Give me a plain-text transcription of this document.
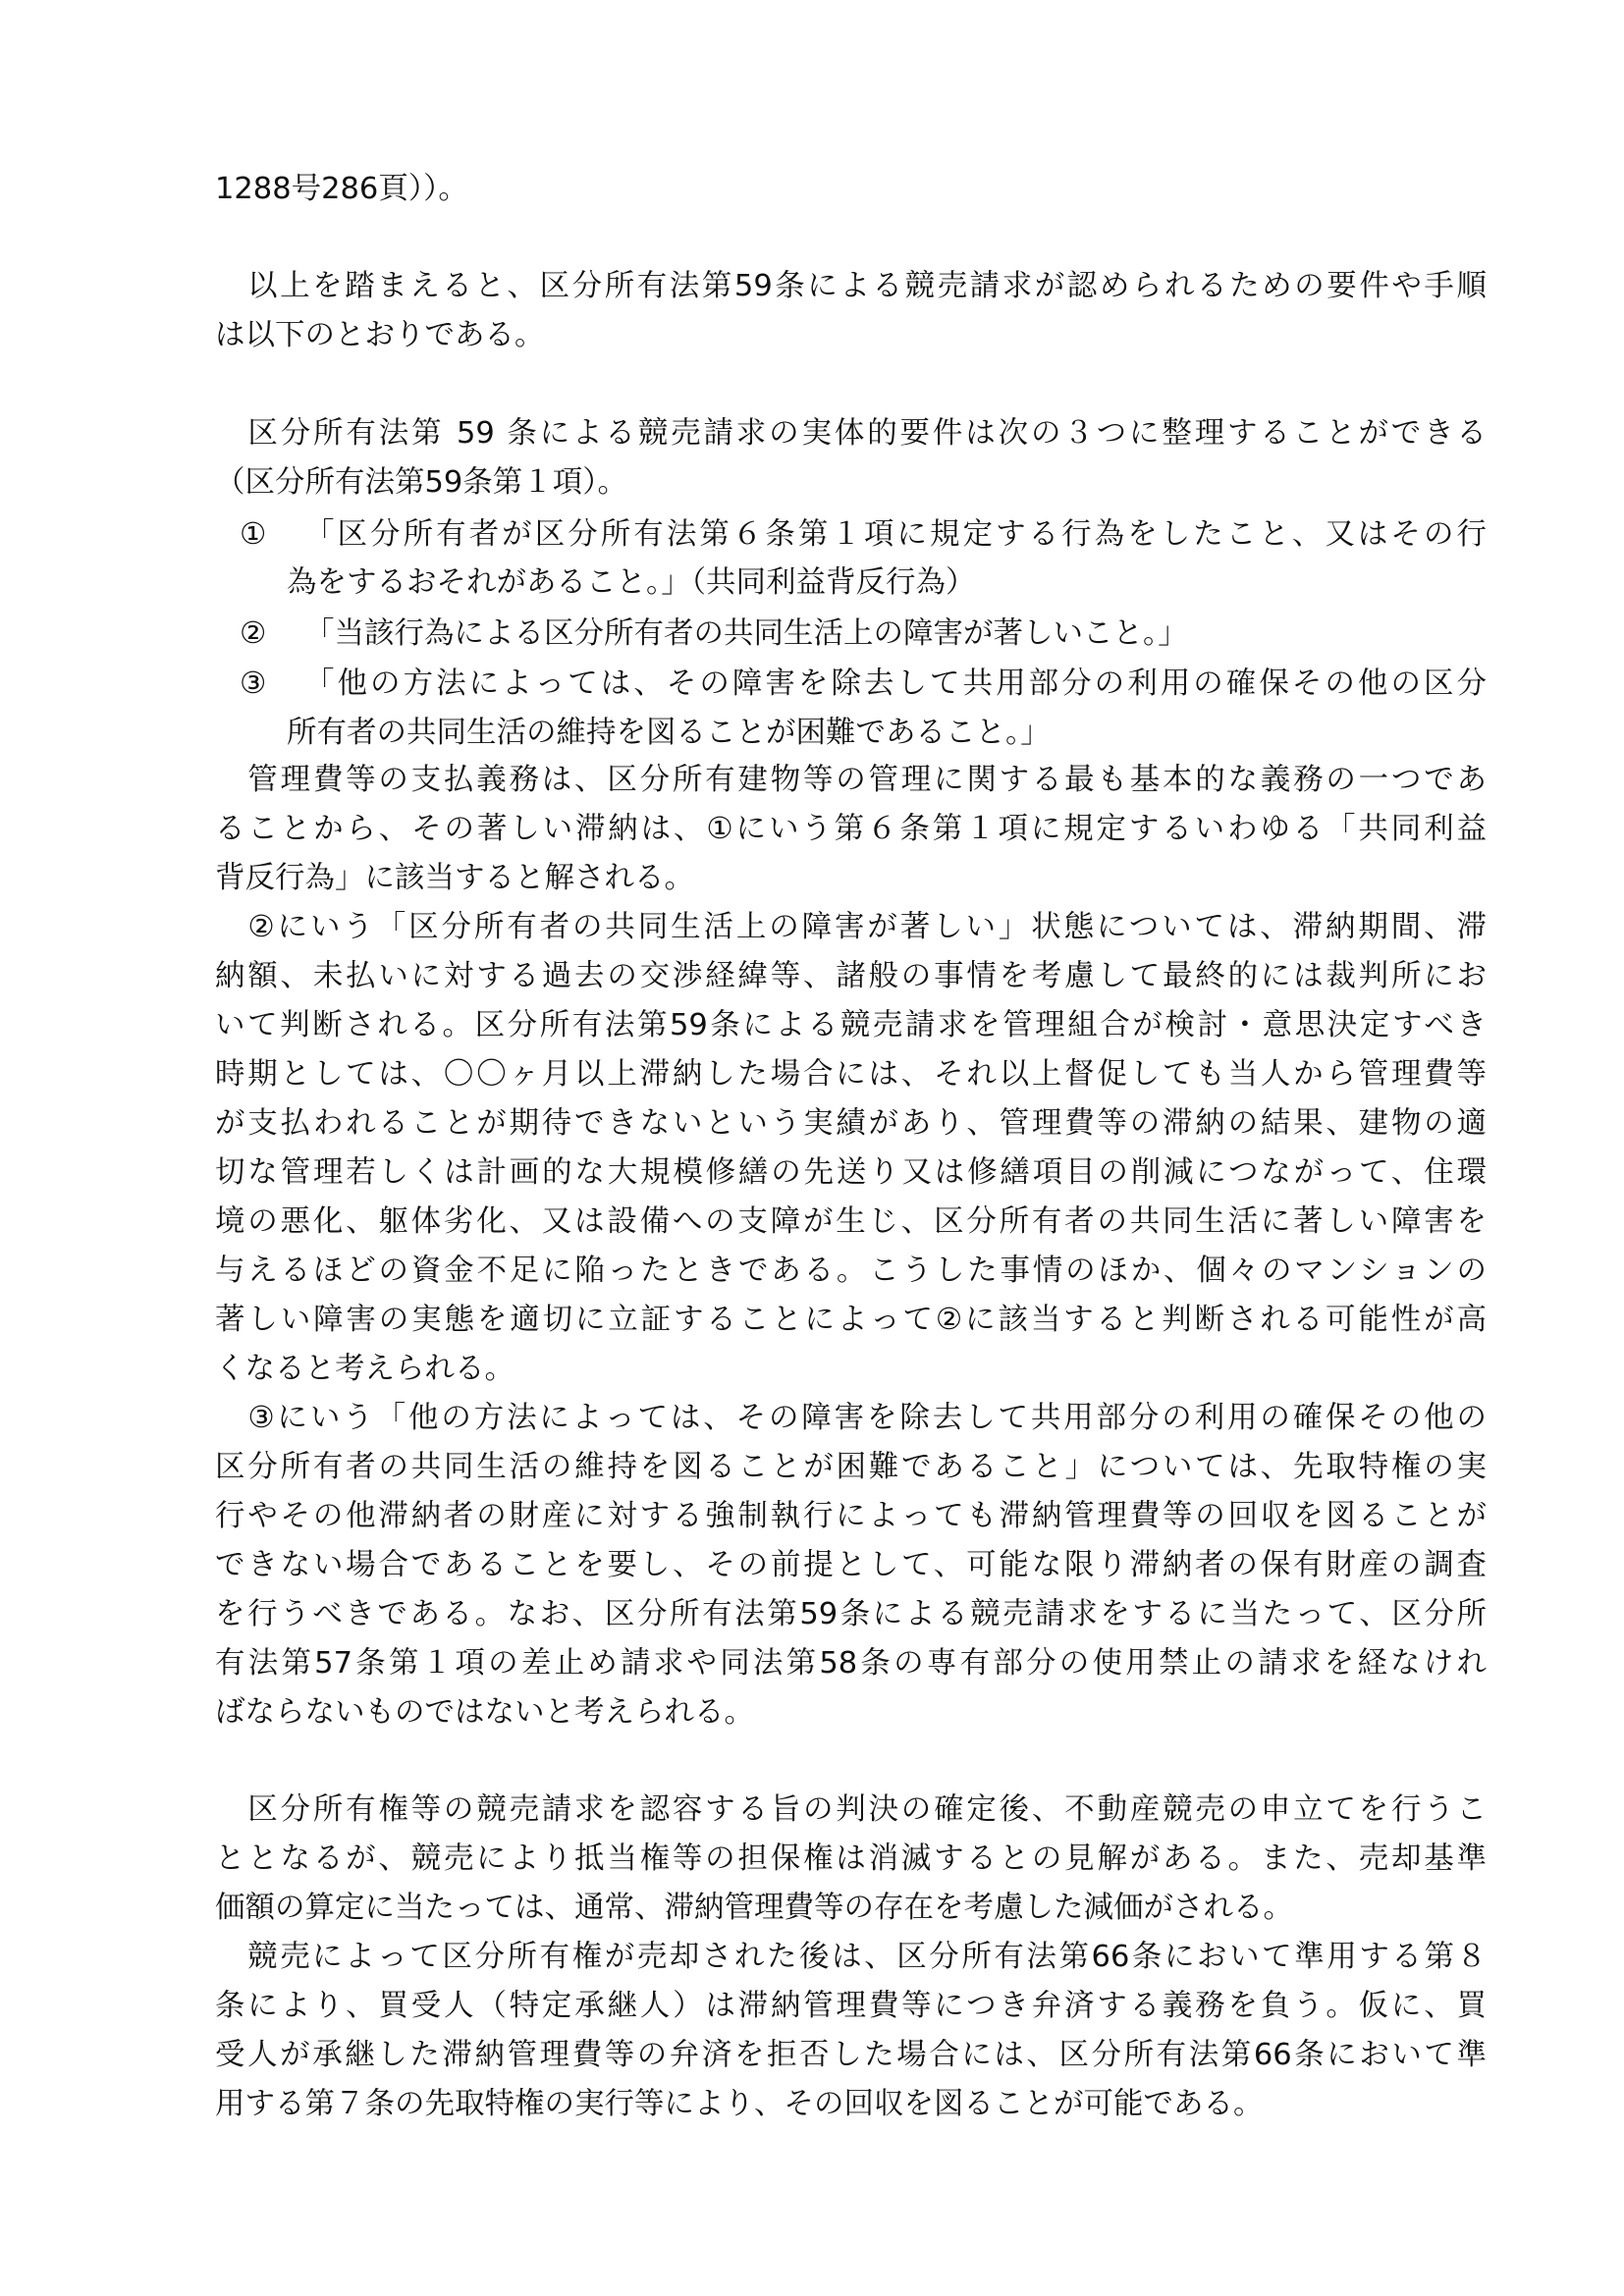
1288号286頁））。
　以上を踏まえると、区分所有法第59条による競売請求が認められるための要件や手順
は以下のとおりである。
　区分所有法第 59 条による競売請求の実体的要件は次の３つに整理することができる
（区分所有法第59条第１項）。
①	「区分所有者が区分所有法第６条第１項に規定する行為をしたこと、又はその行
為をするおそれがあること。」（共同利益背反行為）
②	「当該行為による区分所有者の共同生活上の障害が著しいこと。」
③	「他の方法によっては、その障害を除去して共用部分の利用の確保その他の区分
所有者の共同生活の維持を図ることが困難であること。」
　管理費等の支払義務は、区分所有建物等の管理に関する最も基本的な義務の一つであ
ることから、その著しい滞納は、①にいう第６条第１項に規定するいわゆる「共同利益
背反行為」に該当すると解される。
　②にいう「区分所有者の共同生活上の障害が著しい」状態については、滞納期間、滞
納額、未払いに対する過去の交渉経緯等、諸般の事情を考慮して最終的には裁判所にお
いて判断される。区分所有法第59条による競売請求を管理組合が検討・意思決定すべき
時期としては、〇〇ヶ月以上滞納した場合には、それ以上督促しても当人から管理費等
が支払われることが期待できないという実績があり、管理費等の滞納の結果、建物の適
切な管理若しくは計画的な大規模修繕の先送り又は修繕項目の削減につながって、住環
境の悪化、躯体劣化、又は設備への支障が生じ、区分所有者の共同生活に著しい障害を
与えるほどの資金不足に陥ったときである。こうした事情のほか、個々のマンションの
著しい障害の実態を適切に立証することによって②に該当すると判断される可能性が高
くなると考えられる。
　③にいう「他の方法によっては、その障害を除去して共用部分の利用の確保その他の
区分所有者の共同生活の維持を図ることが困難であること」については、先取特権の実
行やその他滞納者の財産に対する強制執行によっても滞納管理費等の回収を図ることが
できない場合であることを要し、その前提として、可能な限り滞納者の保有財産の調査
を行うべきである。なお、区分所有法第59条による競売請求をするに当たって、区分所
有法第57条第１項の差止め請求や同法第58条の専有部分の使用禁止の請求を経なけれ
ばならないものではないと考えられる。
　区分所有権等の競売請求を認容する旨の判決の確定後、不動産競売の申立てを行うこ
ととなるが、競売により抵当権等の担保権は消滅するとの見解がある。また、売却基準
価額の算定に当たっては、通常、滞納管理費等の存在を考慮した減価がされる。
　競売によって区分所有権が売却された後は、区分所有法第66条において準用する第８
条により、買受人（特定承継人）は滞納管理費等につき弁済する義務を負う。仮に、買
受人が承継した滞納管理費等の弁済を拒否した場合には、区分所有法第66条において準
用する第７条の先取特権の実行等により、その回収を図ることが可能である。
